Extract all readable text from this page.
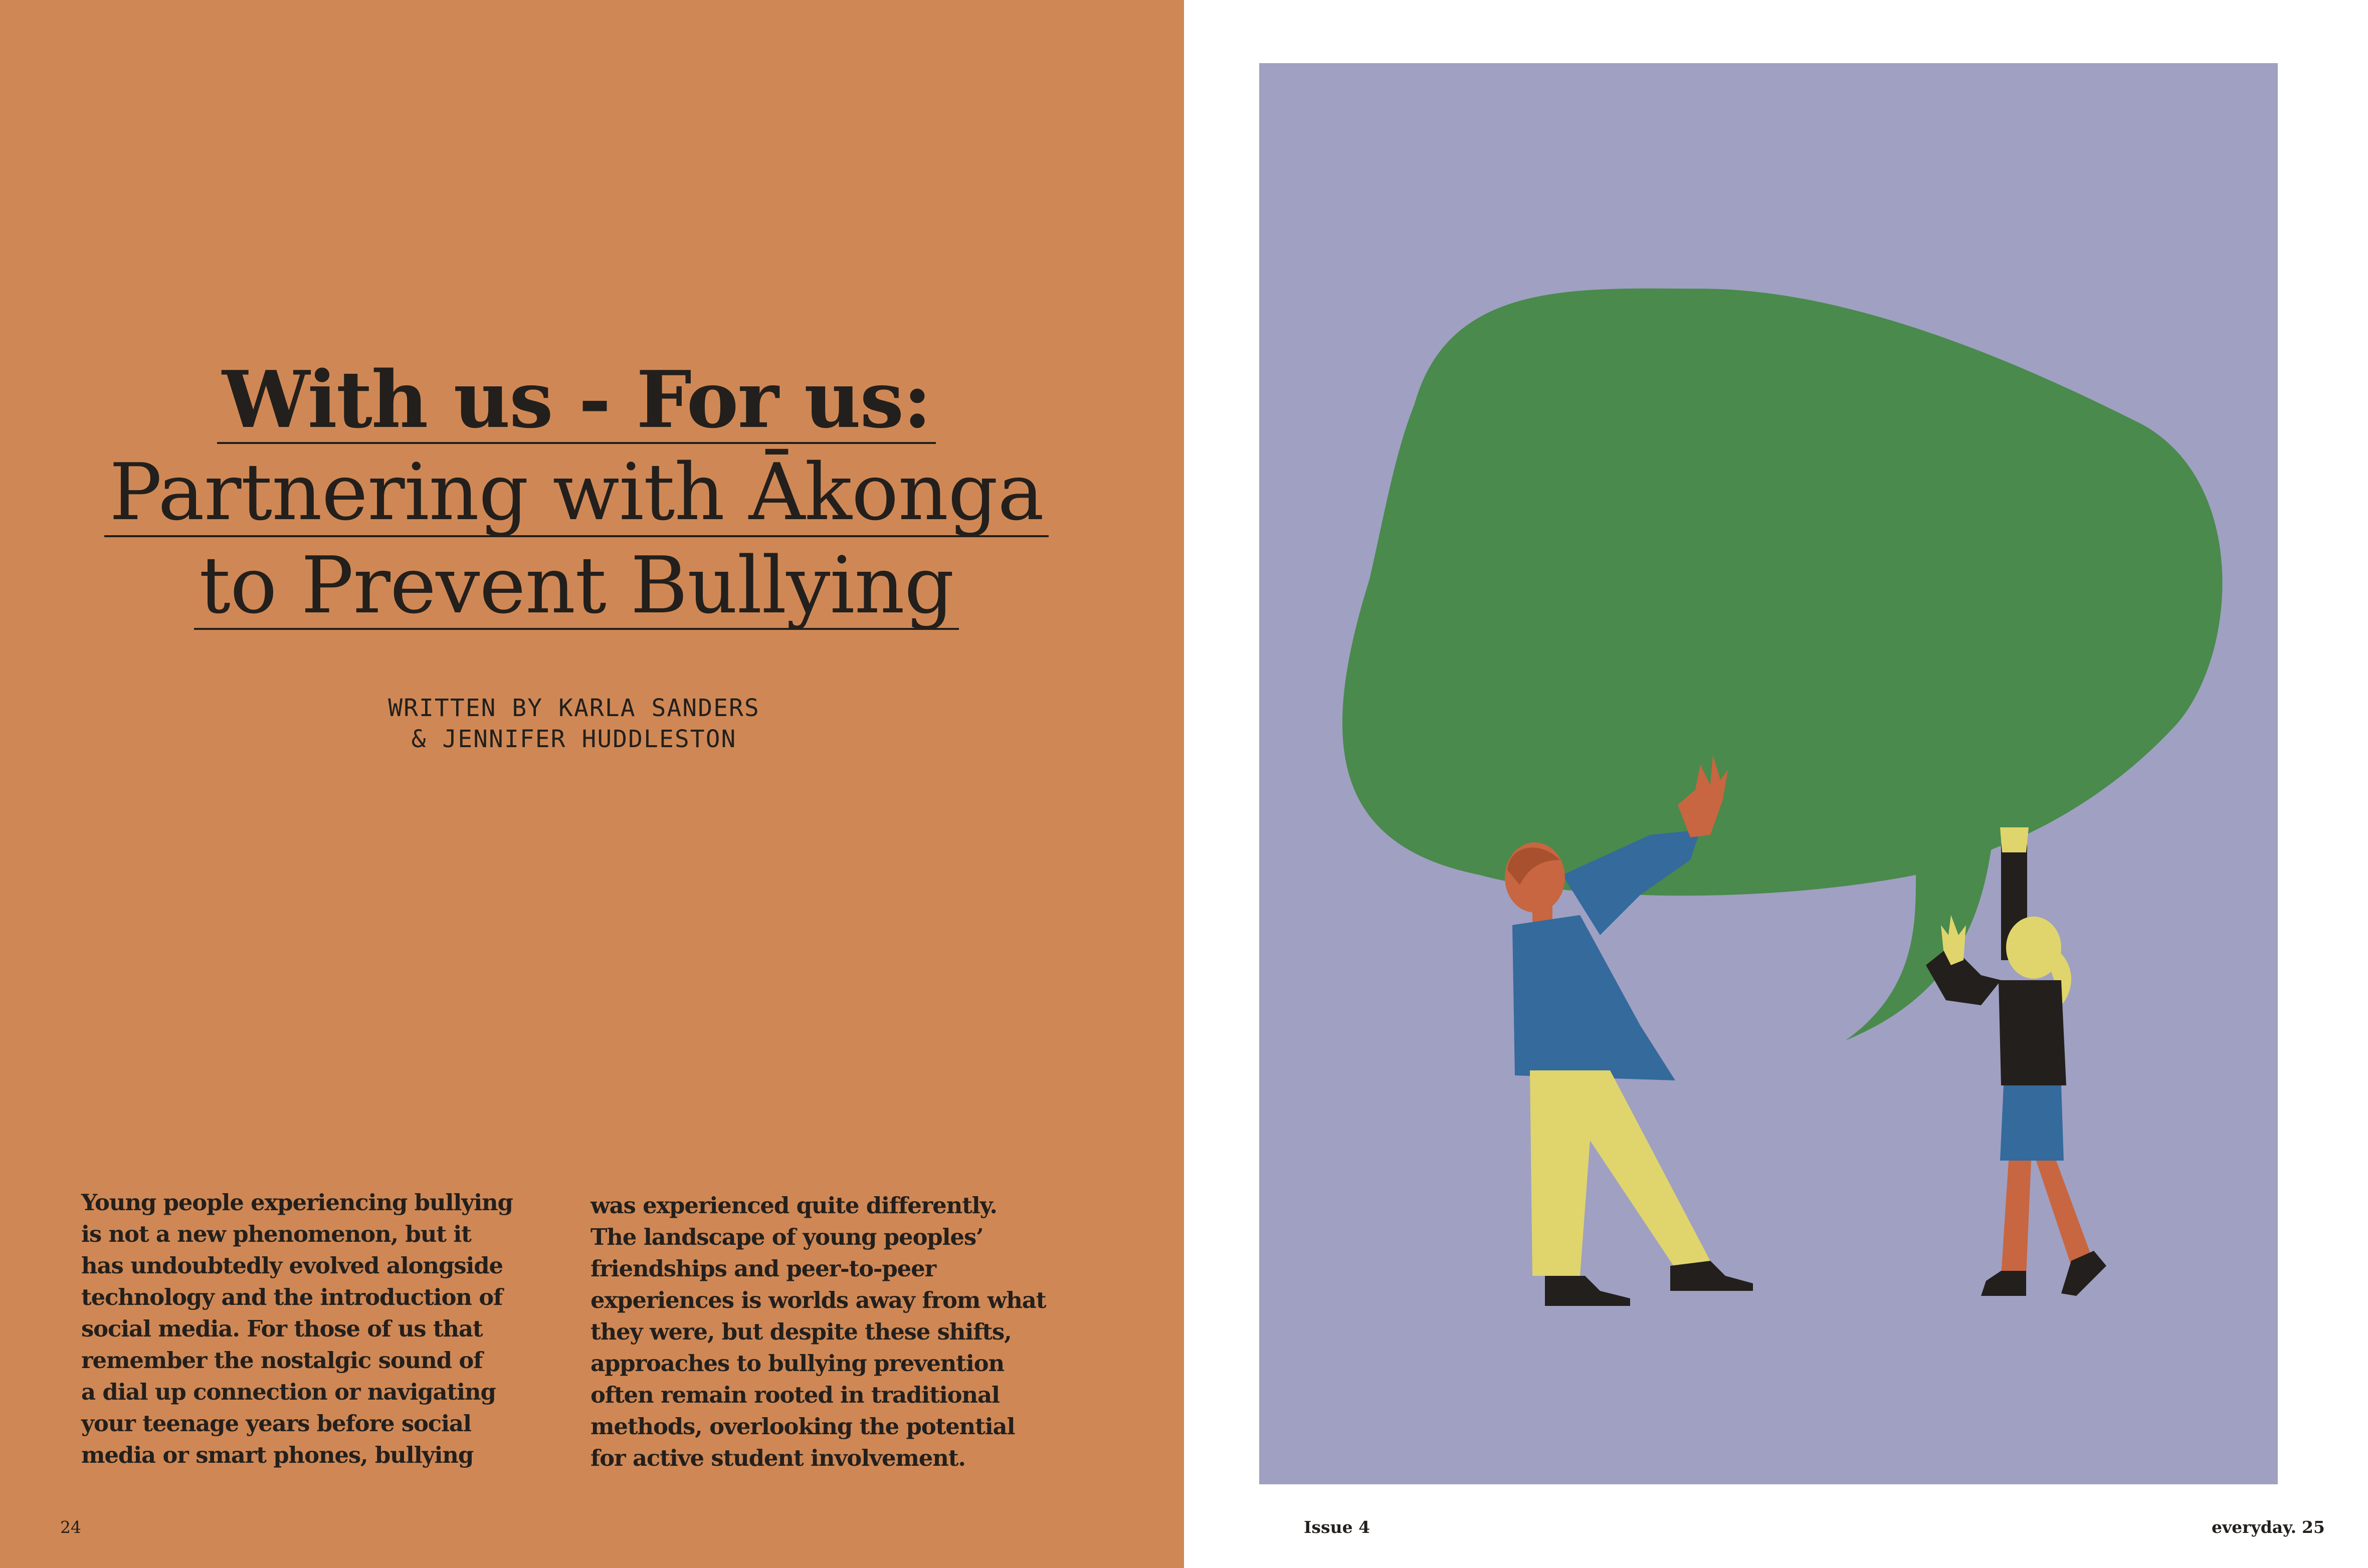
With us - For us:
Partnering with Ākonga
to Prevent Bullying
WRITTEN BY KARLA SANDERS
& JENNIFER HUDDLESTON
Young people experiencing bullying
is not a new phenomenon, but it
has undoubtedly evolved alongside
technology and the introduction of
social media. For those of us that
remember the nostalgic sound of
a dial up connection or navigating
your teenage years before social
media or smart phones, bullying
was experienced quite differently.
The landscape of young peoples’
friendships and peer-to-peer
experiences is worlds away from what
they were, but despite these shifts,
approaches to bullying prevention
often remain rooted in traditional
methods, overlooking the potential
for active student involvement.
24	Issue 4	everyday. 25
